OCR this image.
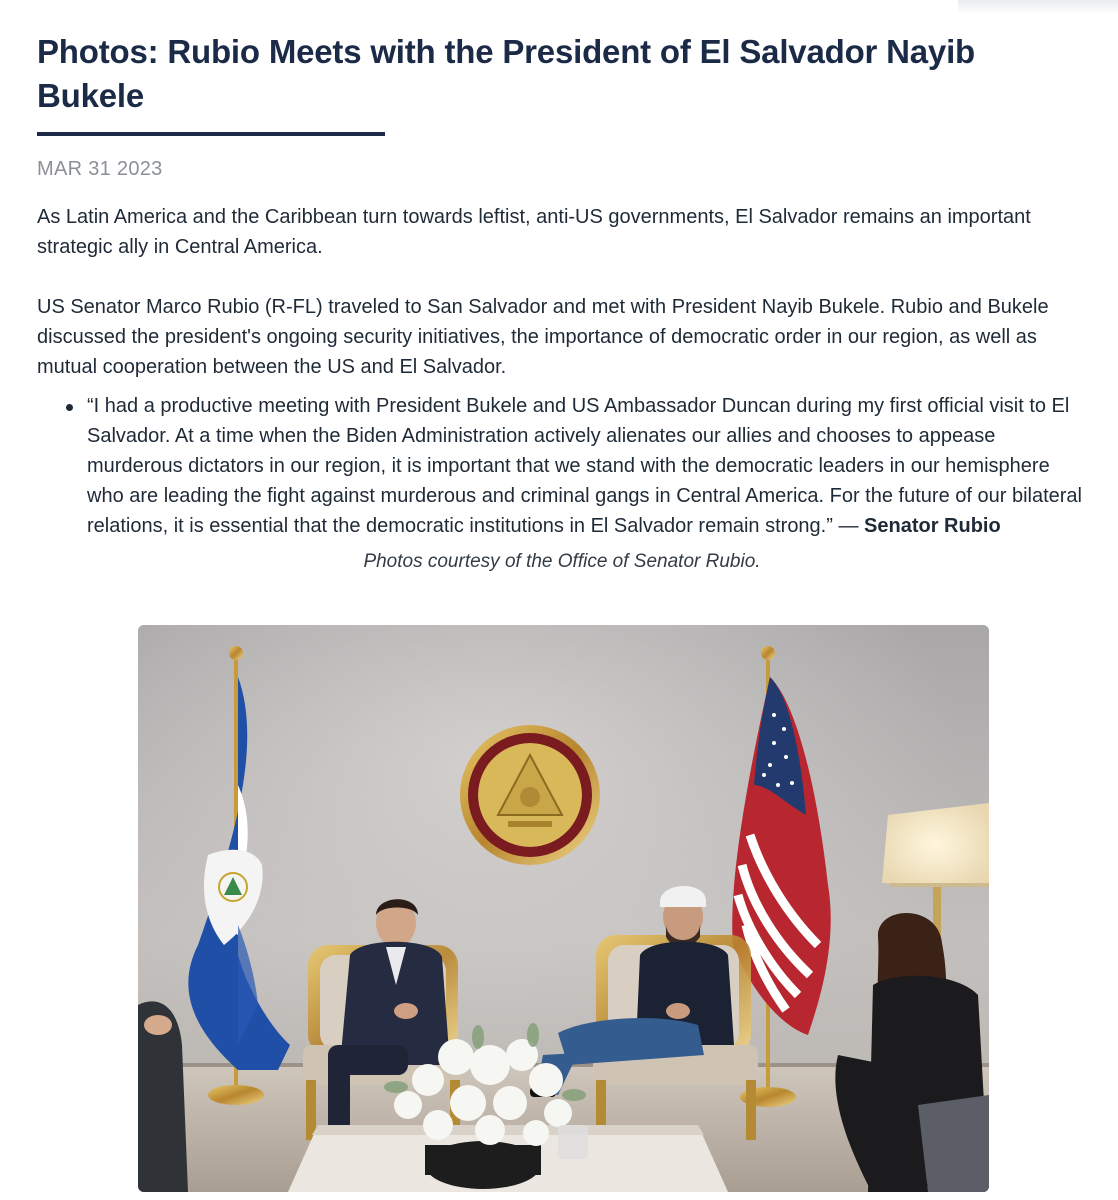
Photos: Rubio Meets with the President of El Salvador Nayib Bukele
MAR 31 2023

As Latin America and the Caribbean turn towards leftist, anti-US governments, El Salvador remains an important strategic ally in Central America.

US Senator Marco Rubio (R-FL) traveled to San Salvador and met with President Nayib Bukele. Rubio and Bukele discussed the president's ongoing security initiatives, the importance of democratic order in our region, as well as mutual cooperation between the US and El Salvador.

“I had a productive meeting with President Bukele and US Ambassador Duncan during my first official visit to El Salvador. At a time when the Biden Administration actively alienates our allies and chooses to appease murderous dictators in our region, it is important that we stand with the democratic leaders in our hemisphere who are leading the fight against murderous and criminal gangs in Central America. For the future of our bilateral relations, it is essential that the democratic institutions in El Salvador remain strong.” — Senator Rubio
Photos courtesy of the Office of Senator Rubio.
